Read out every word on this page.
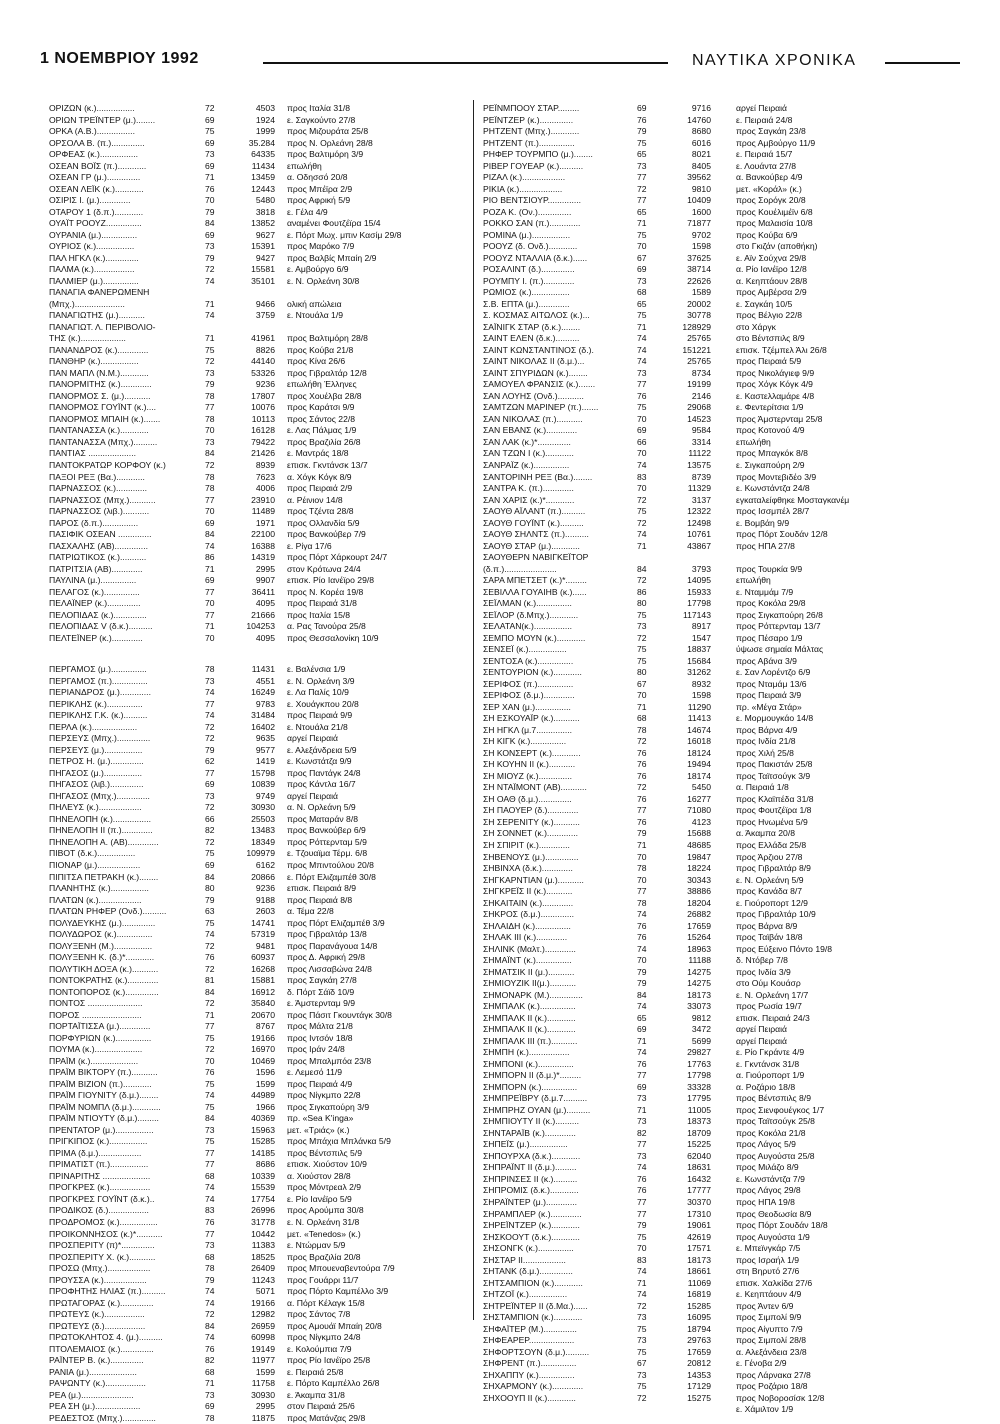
1 ΝΟΕΜΒΡΙΟΥ 1992	ΝΑΥΤΙΚΑ ΧΡΟΝΙΚΑ
ΟΡΙΖΩΝ (κ.)................	72	4503 προς Ιταλία 31/8
ΟΡΙΩΝ ΤΡΕΪΝΤΕΡ (μ.)........	69	1924 ε. Σαγκούντο 27/8
ΟΡΚΑ (Α.Β.)................	75	1999 προς Μιζουράτα 25/8
ΟΡΣΟΛΑ Β. (π.)..............	69	35.284 προς Ν. Ορλεάνη 28/8
ΟΡΦΕΑΣ (κ.)................	73	64335 προς Βαλτιμόρη 3/9
ΟΣΕΑΝ ΒΟΪΣ (π.)............	69	11434 επωλήθη
ΟΣΕΑΝ ΓΡ (μ.)..............	71	13459 α. Οδησσό 20/8
ΟΣΕΑΝ ΛΕΪΚ (κ.)............	76	12443 προς Μπέϊρα 2/9
ΟΣΙΡΙΣ Ι. (μ.).............	70	5480 προς Αφρική 5/9
ΟΤΑΡΟΥ 1 (δ.π.)............	79	3818 ε. Γέλα 4/9
ΟΥΑΪΤ ΡΟΟΥΖ...............	84	13852 αναμένει Φουτζέϊρα 15/4
ΟΥΡΑΝΙΑ (μ.)...............	69	9627 ε. Πόρτ Μωχ. μπιν Κασίμ 29/8
ΟΥΡΙΟΣ (κ.)................	73	15391 προς Μαρόκο 7/9
ΠΑΛ ΗΓΚΛ (κ.)..............	79	9427 προς Βαλβίς Μπαίη 2/9
ΠΑΛΜΑ (κ.).................	72	15581 ε. Αμβούργο 6/9
ΠΑΛΜΙΕΡ (μ.)...............	74	35101 ε. Ν. Ορλεάνη 30/8
ΠΑΝΑΓΙΑ ΦΑΝΕΡΩΜΕΝΗ
(Μπχ.).....................	71	9466 ολική απώλεια
ΠΑΝΑΓΙΩΤΗΣ (μ.)...........	74	3759 ε. Ντουάλα 1/9
ΠΑΝΑΓΙΩΤ. Λ. ΠΕΡΙΒΟΛΙΟ-
ΤΗΣ (κ.)...................	71	41961 προς Βαλτιμόρη 28/8
ΠΑΝΑΝΔΡΟΣ (κ.).............	75	8826 προς Κούβα 21/8
ΠΑΝΘΗΡ (κ.)................	72	44140 προς Κίνα 26/6
ΠΑΝ ΜΑΠΛ (Ν.Μ.)............	73	53326 προς Γιβραλτάρ 12/8
ΠΑΝΟΡΜΙΤΗΣ (κ.).............	79	9236 επωλήθη Έλληνες
ΠΑΝΟΡΜΟΣ Σ. (μ.)...........	78	17807 προς Χουέλβα 28/8
ΠΑΝΟΡΜΟΣ ΓΟΥΪΝΤ (κ.)....	77	10076 προς Καράτσι 9/9
ΠΑΝΟΡΜΟΣ ΜΠΑΙΗ (κ.).......	78	10113 προς Σάντος 22/8
ΠΑΝΤΑΝΑΣΣΑ (κ.)............	70	16128 ε. Λας Πάλμας 1/9
ΠΑΝΤΑΝΑΣΣΑ (Μπχ.)..........	73	79422 προς Βραζιλία 26/8
ΠΑΝΤΙΑΣ ....................	84	21426 ε. Μαντράς 18/8
ΠΑΝΤΟΚΡΑΤΩΡ ΚΟΡΦΟΥ (κ.)	72	8939 επισκ. Γκντάνσκ 13/7
ΠΑΞΟΙ ΡΕΞ (Βα.)............	78	7623 α. Χόγκ Κόγκ 8/9
ΠΑΡΝΑΣΣΟΣ (κ.).............	78	4006 προς Πειραιά 2/9
ΠΑΡΝΑΣΣΟΣ (Μπχ.)...........	77	23910 α. Ρέινιον 14/8
ΠΑΡΝΑΣΣΟΣ (λιβ.)...........	70	11489 προς Τζέντα 28/8
ΠΑΡΟΣ (δ.π.)...............	69	1971 προς Ολλανδία 5/9
ΠΑΣΙΦΙΚ ΟΣΕΑΝ ..............	84	22100 προς Βανκούβερ 7/9
ΠΑΣΧΑΛΗΣ (ΑΒ)..............	74	16388 ε. Ρίγα 17/6
ΠΑΤΡΙΩΤΙΚΟΣ (κ.)...........	86	14319 προς Πόρτ Χάρκουρτ 24/7
ΠΑΤΡΙΤΣΙΑ (ΑΒ).............	71	2995 στον Κρότωνα 24/4
ΠΑΥΛΙΝΑ (μ.)...............	69	9907 επισκ. Ρίο Ιανέϊρο 29/8
ΠΕΛΑΓΟΣ (κ.)...............	77	36411 προς Ν. Κορέα 19/8
ΠΕΛΑΪΝΕΡ (κ.)..............	70	4095 προς Πειραιά 31/8
ΠΕΛΟΠΙΔΑΣ (κ.)..............	77	21666 προς Ιταλία 15/8
ΠΕΛΟΠΙΔΑΣ V (δ.κ.)..........	71	104253 α. Ρας Τανούρα 25/8
ΠΕΛΤΕΪΝΕΡ (κ.).............	70	4095 προς Θεσσαλονίκη 10/9
ΠΕΡΓΑΜΟΣ (μ.)...............	78	11431 ε. Βαλένσια 1/9
ΠΕΡΓΑΜΟΣ (π.)...............	73	4551 ε. Ν. Ορλεάνη 3/9
ΠΕΡΙΑΝΔΡΟΣ (μ.).............	74	16249 ε. Λα Παλίς 10/9
ΠΕΡΙΚΛΗΣ (κ.)...............	77	9783 ε. Χουάγκπου 20/8
ΠΕΡΙΚΛΗΣ Γ.Κ. (κ.)..........	74	31484 προς Πειραιά 9/9
ΠΕΡΛΑ (κ.)...................	72	16402 ε. Ντουάλα 21/8
ΠΕΡΣΕΥΣ (Μπχ.)..............	72	9635 αργεί Πειραιά
ΠΕΡΣΕΥΣ (μ.)................	79	9577 ε. Αλεξάνδρεια 5/9
ΠΕΤΡΟΣ Η. (μ.)..............	62	1419 ε. Κωνστάτζα 9/9
ΠΗΓΑΣΟΣ (μ.)................	77	15798 προς Παντάγκ 24/8
ΠΗΓΑΣΟΣ (λιβ.)..............	69	10839 προς Κάντλα 16/7
ΠΗΓΑΣΟΣ (Μπχ.)..............	73	9749 αργεί Πειραιά
ΠΗΛΕΥΣ (κ.)..................	72	30930 α. Ν. Ορλεάνη 5/9
ΠΗΝΕΛΟΠΗ (κ.)................	66	25503 προς Ματαράν 8/8
ΠΗΝΕΛΟΠΗ ΙΙ (π.).............	82	13483 προς Βανκούβερ 6/9
ΠΗΝΕΛΟΠΗ Α. (ΑΒ).............	72	18349 προς Ρόττερνταμ 5/9
ΠΙΒΟΤ (δ.κ.)................	75	109979 ε. Τζουαϊμα Τέρμ. 6/8
ΠΙΟΝΑΡ (μ.)..................	69	6162 προς Μπιντούλου 20/8
ΠΙΠΙΤΣΑ ΠΕΤΡΑΚΗ (κ.)........	84	20866 ε. Πόρτ Ελιζαμπέθ 30/8
ΠΛΑΝΗΤΗΣ (κ.)................	80	9236 επισκ. Πειραιά 8/9
ΠΛΑΤΩΝ (κ.)..................	79	9188 προς Πειραιά 8/8
ΠΛΑΤΩΝ ΡΗΦΕΡ (Ονδ.)..........	63	2603 α. Τέμα 22/8
ΠΟΛΥΔΕΥΚΗΣ (μ.)..............	75	14741 προς Πόρτ Ελιζαμπέθ 3/9
ΠΟΛΥΔΩΡΟΣ (κ.)...............	74	57319 προς Γιβραλτάρ 13/8
ΠΟΛΥΞΕΝΗ (Μ.)................	72	9481 προς Παρανάγουα 14/8
ΠΟΛΥΞΕΝΗ Κ. (δ.)*............	76	60937 προς Δ. Αφρική 29/8
ΠΟΛΥΤΙΚΗ ΔΟΞΑ (κ.)...........	72	16268 προς Λισσαβώνα 24/8
ΠΟΝΤΟΚΡΑΤΗΣ (κ.).............	81	15881 προς Σαγκάη 27/8
ΠΟΝΤΟΠΟΡΟΣ (κ.)..............	84	16912 δ. Πόρτ Σάϊδ 10/9
ΠΟΝΤΟΣ .......................	72	35840 ε. Άμστερνταμ 9/9
ΠΟΡΟΣ .........................	71	20670 προς Πάσιτ Γκουντάγκ 30/8
ΠΟΡΤΑΪΤΙΣΣΑ (μ.).............	77	8767 προς Μάλτα 21/8
ΠΟΡΦΥΡΙΩΝ (κ.)...............	75	19166 προς Ιντσόν 18/8
ΠΟΥΜΑ (κ.)....................	72	16970 προς Ιράν 24/8
ΠΡΑΪΜ (κ.)....................	70	10469 προς Μπαλμπόα 23/8
ΠΡΑΪΜ ΒΙΚΤΟΡΥ (π.)...........	76	1596 ε. Λεμεσό 11/9
ΠΡΑΪΜ ΒΙΖΙΟΝ (π.)............	75	1599 προς Πειραιά 4/9
ΠΡΑΪΜ ΓΙΟΥΝΙΤΥ (δ.μ.)........	74	44989 προς Νίγκμπο 22/8
ΠΡΑΪΜ ΝΟΜΠΛ (δ.μ.)............	75	1966 προς Σιγκαπούρη 3/9
ΠΡΑΪΜ ΝΤΙΟΥΤΥ (δ.μ.).........	84	40369 πρ. «Sea K'inga»
ΠΡΕΝΤΑΤΟΡ (μ.)................	73	15963 μετ. «Τριάς» (κ.)
ΠΡΙΓΚΙΠΟΣ (κ.)................	75	15285 προς Μπάχια Μπλάνκα 5/9
ΠΡΙΜΑ (δ.μ.)..................	77	14185 προς Βέντσπιλς 5/9
ΠΡΙΜΑΤΙΣΤ (π.)................	77	8686 επισκ. Χιούστον 10/9
ΠΡΙΝΑΡΙΤΗΣ ....................	68	10339 α. Χιούστον 28/8
ΠΡΟΓΚΡΕΣ (κ.).................	74	15539 προς Μόντρεαλ 2/9
ΠΡΟΓΚΡΕΣ ΓΟΥΪΝΤ (δ.κ.)..	74	17754 ε. Ρίο Ιανέϊρο 5/9
ΠΡΟΔΙΚΟΣ (δ.).................	83	26996 προς Αρούμπα 30/8
ΠΡΟΔΡΟΜΟΣ (κ.)................	76	31778 ε. Ν. Ορλεάνη 31/8
ΠΡΟΙΚΟΝΝΗΣΟΣ (κ.)*...........	77	10442 μετ. «Tenedos» (κ.)
ΠΡΟΣΠΕΡΙΤΥ (π)*..............	73	11383 ε. Ντώρμαν 5/9
ΠΡΟΣΠΕΡΙΤΥ Χ. (κ.)...........	68	18525 προς Βραζιλία 20/8
ΠΡΟΣΩ (Μπχ.)..................	78	26409 προς Μπουεναβεντούρα 7/9
ΠΡΟΥΣΣΑ (κ.)..................	79	11243 προς Γουάρρι 11/7
ΠΡΟΦΗΤΗΣ ΗΛΙΑΣ (π.)..........	74	5071 προς Πόρτο Καμπέλλο 3/9
ΠΡΩΤΑΓΟΡΑΣ (κ.)..............	74	19166 α. Πόρτ Κέλαγκ 15/8
ΠΡΩΤΕΥΣ (κ.).................	72	12982 προς Σάντος 7/8
ΠΡΩΤΕΥΣ (δ.).................	84	26959 προς Αμουάϊ Μπαίη 20/8
ΠΡΩΤΟΚΛΗΤΟΣ 4. (μ.)..........	74	60998 προς Νίγκμπο 24/8
ΠΤΟΛΕΜΑΙΟΣ (κ.)..............	76	19149 ε. Κολούμπια 7/9
ΡΑΪΝΤΕΡ Β. (κ.)..............	82	11977 προς Ρίο Ιανέϊρο 25/8
ΡΑΝΙΑ (μ.)....................	68	1599 ε. Πειραιά 25/8
ΡΑΨΩΝΤΥ (κ.).................	71	11758 ε. Πόρτο Καμπέλλο 26/8
ΡΕΑ (μ.)......................	73	30930 ε. Άκαμπα 31/8
ΡΕΑ ΣΗ (μ.)...................	69	2995 στον Πειραιά 25/6
ΡΕΔΕΣΤΟΣ (Μπχ.)..............	78	11875 προς Ματάνζας 29/8
ΡΕΪΝΜΠΟΟΥ ΣΤΑΡ.........	69	9716	αργεί Πειραιά
ΡΕΪΝΤΖΕΡ (κ.)..............	76	14760	ε. Πειραιά 24/8
ΡΗΤΖΕΝΤ (Μπχ.)............	79	8680	προς Σαγκάη 23/8
ΡΗΤΖΕΝΤ (π.)...............	75	6016	προς Αμβούργο 11/9
ΡΗΦΕΡ ΤΟΥΡΜΠΟ (μ.)........	65	8021	ε. Πειραιά 15/7
ΡΙΒΕΡ ΓΟΥΕΑΡ (κ.)..........	73	8405	ε. Λουάντα 27/8
ΡΙΖΑΛ (κ.)..................	77	39562	α. Βανκούβερ 4/9
ΡΙΚΙΑ (κ.)..................	72	9810	μετ. «Κοράλ» (κ.)
ΡΙΟ ΒΕΝΤΣΙΟΥΡ..............	77	10409	προς Σορόγκ 20/8
ΡΟΖΑ Κ. (Ον.)..............	65	1600	προς Κουέλιμέϊν 6/8
ΡΟΚΚΟ ΣΑΝ (π.).............	71	71877	προς Μαλαισία 10/8
ΡΟΜΙΝΑ (μ.)................	75	9702	προς Κούβα 6/9
ΡΟΟΥΖ (δ. Ονδ.)............	70	1598	στο Γκιζάν (αποθήκη)
ΡΟΟΥΖ ΝΤΑΛΛΙΑ (δ.κ.)......	67	37625	ε. Αϊν Σούχνα 29/8
ΡΟΣΑΛΙΝΤ (δ.)..............	69	38714	α. Ρίο Ιανέϊρο 12/8
ΡΟΥΜΠΥ Ι. (π.).............	73	22626	α. Κεηπτάουν 28/8
ΡΩΜΙΟΣ (κ.)................	68	1589	προς Αμβέρσα 2/9
Σ.Β. ΕΠΤΑ (μ.).............	65	20002	ε. Σαγκάη 10/5
Σ. ΚΟΣΜΑΣ ΑΙΤΩΛΟΣ (κ.)...	75	30778	προς Βέλγιο 22/8
ΣΑΪΝΙΓΚ ΣΤΑΡ (δ.κ.)........	71	128929	στο Χάργκ
ΣΑΙΝΤ ΕΛΕΝ (δ.κ.)..........	74	25765	στο Βέντσπιλς 8/9
ΣΑΙΝΤ ΚΩΝΣΤΑΝΤΙΝΟΣ (δ.).	74	151221	επισκ. Τζέμπελ Άλι 26/8
ΣΑΙΝΤ ΝΙΚΟΛΑΣ ΙΙ (δ.μ.)...	74	25765	προς Πειραιά 5/9
ΣΑΙΝΤ ΣΠΥΡΙΔΩΝ (κ.)........	73	8734	προς Νικολάγιεφ 9/9
ΣΑΜΟΥΕΛ ΦΡΑΝΣΙΣ (κ.).......	77	19199	προς Χόγκ Κόγκ 4/9
ΣΑΝ ΛΟΥΗΣ (Ονδ.)...........	76	2146	ε. Καστελλαμάρε 4/8
ΣΑΜΤΖΩΝ ΜΑΡΙΝΕΡ (π.).......	75	29068	ε. Φεντερίτσια 1/9
ΣΑΝ ΝΙΚΟΛΑΣ (π.)...........	70	14523	προς Άμστερνταμ 25/8
ΣΑΝ ΕΒΑΝΣ (κ.).............	69	9584	προς Κοτονού 4/9
ΣΑΝ ΛΑΚ (κ.)*..............	66	3314	επωλήθη
ΣΑΝ ΤΖΩΝ Ι (κ.)............	70	11122	προς Μπαγκόκ 8/8
ΣΑΝΡΑΪΖ (κ.)...............	74	13575	ε. Σιγκαπούρη 2/9
ΣΑΝΤΟΡΙΝΗ ΡΕΞ (Βα.)........	83	8739	προς Μοντεβιδέο 3/9
ΣΑΝΤΡΑ Κ. (π.).............	70	11329	ε. Κωνστάντζα 24/8
ΣΑΝ ΧΑΡΙΣ (κ.)*............	72	3137	εγκαταλείφθηκε Μοσταγκανέμ
ΣΑΟΥΘ ΑΪΛΑΝΤ (π.)..........	75	12322	προς Ισσμπέλ 28/7
ΣΑΟΥΘ ΓΟΥΪΝΤ (κ.)..........	72	12498	ε. Βομβάη 9/9
ΣΑΟΥΘ ΣΗΛΝΤΣ (π.)..........	74	10761	προς Πόρτ Σουδάν 12/8
ΣΑΟΥΘ ΣΤΑΡ (μ.)............	71	43867	προς ΗΠΑ 27/8
ΣΑΟΥΘΕΡΝ ΝΑΒΙΓΚΕΪΤΟΡ
(δ.π.)......................	84	3793	προς Τουρκία 9/9
ΣΑΡΑ ΜΠΕΤΣΕΤ (κ.)*.........	72	14095	επωλήθη
ΣΕΒΙΛΛΑ ΓΟΥΑΙΗΒ (κ.)......	86	15933	ε. Νταμμάμ 7/9
ΣΕΪΛΜΑΝ (κ.)...............	80	17798	προς Κοκόλα 29/8
ΣΕΪΛΟΡ (δ.Μπχ.)............	75	117143	προς Σιγκαπούρη 26/8
ΣΕΛΑΤΑΝ(κ.)................	73	8917	προς Ρόττερνταμ 13/7
ΣΕΜΠΟ ΜΟΥΝ (κ.)............	72	1547	προς Πέσαρο 1/9
ΣΕΝΣΕΪ (κ.)................	75	18837	ύψωσε σημαία Μάλτας
ΣΕΝΤΟΣΑ (κ.)...............	75	15684	προς Αβάνα 3/9
ΣΕΝΤΟΥΡΙΟΝ (κ.)............	80	31262	ε. Σαν Λορέντζο 6/9
ΣΕΡΙΦΟΣ (π.)...............	67	8932	προς Νταμάμ 13/6
ΣΕΡΙΦΟΣ (δ.μ.).............	70	1598	προς Πειραιά 3/9
ΣΕΡ ΧΑΝ (μ.)...............	71	11290	πρ. «Μέγα Στάρ»
ΣΗ ΕΣΚΟΥΑΪΡ (κ.)...........	68	11413	ε. Μορμουγκάο 14/8
ΣΗ ΗΓΚΛ (μ.7...............	78	14674	προς Βάρνα 4/9
ΣΗ ΚΙΓΚ (κ.)...............	72	16018	προς Ινδία 21/8
ΣΗ ΚΟΝΣΕΡΤ (κ.)............	76	18124	προς Χιλή 25/8
ΣΗ ΚΟΥΗΝ ΙΙ (κ.)...........	76	19494	προς Πακιστάν 25/8
ΣΗ ΜΙΟΥΖ (κ.)..............	76	18174	προς Ταϊτσούγκ 3/9
ΣΗ ΝΤΑΪΜΟΝΤ (ΑΒ)...........	72	5450	α. Πειραιά 1/8
ΣΗ ΟΑΘ (δ.μ.)..............	76	16277	προς Κλαϊπέδα 31/8
ΣΗ ΠΑΟΥΕΡ (δ.).............	77	71080	προς Φουτζέϊρα 1/8
ΣΗ ΣΕΡΕΝΙΤΥ (κ.)...........	76	4123	προς Ηνωμένα 5/9
ΣΗ ΣΟΝΝΕΤ (κ.).............	79	15688	α. Άκαμπα 20/8
ΣΗ ΣΠΙΡΙΤ (κ.).............	71	48685	προς Ελλάδα 25/8
ΣΗΒΕΝΟΥΣ (μ.)..............	70	19847	προς Άρζιου 27/8
ΣΗΒΙΝΧΑ (δ.κ.).............	78	18224	προς Γιβραλτάρ 8/9
ΣΗΓΚΑΡΝΤΙΑΝ (μ.)...........	70	30343	ε. Ν. Ορλεάνη 5/9
ΣΗΓΚΡΕΪΣ ΙΙ (κ.)...........	77	38886	προς Κανάδα 8/7
ΣΗΚΑΙΤΑΙΝ (κ.).............	78	18204	ε. Γιούρoπορτ 12/9
ΣΗΚΡΟΣ (δ.μ.)..............	74	26882	προς Γιβραλτάρ 10/9
ΣΗΛΑΙΔΗ (κ.)...............	76	17659	προς Βάρνα 8/9
ΣΗΛΑΚ ΙΙΙ (κ.).............	76	15264	προς Ταϊβάν 18/8
ΣΗΛΙΝΚ (Μαλτ.).............	74	18963	προς Εύξεινο Πόντο 19/8
ΣΗΜΑΪΝΤ (κ.)...............	70	11188	δ. Ντόβερ 7/8
ΣΗΜΑΤΣΙΚ ΙΙ (μ.)...........	79	14275	προς Ινδία 3/9
ΣΗΜΙΟΥΖΙΚ ΙΙ(μ.)...........	79	14275	στο Ούμ Κουάσρ
ΣΗΜΟΝΑΡΚ (Μ.)..............	84	18173	ε. Ν. Ορλεάνη 17/7
ΣΗΜΠΑΛΚ (κ.)...............	74	33073	προς Ρωσία 19/7
ΣΗΜΠΑΛΚ ΙΙ (κ.)............	65	9812	επισκ. Πειραιά 24/3
ΣΗΜΠΑΛΚ ΙΙ (κ.)............	69	3472	αργεί Πειραιά
ΣΗΜΠΑΛΚ ΙΙΙ (π.)...........	71	5699	αργεί Πειραιά
ΣΗΜΠΗ (κ.).................	74	29827	ε. Ρίο Γκράντε 4/9
ΣΗΜΠΟΝΙ (κ.)...............	76	17763	ε. Γκντάνσκ 31/8
ΣΗΜΠΟΡΝ ΙΙ (δ.μ.)*.........	77	17798	α. Γιούρoπορτ 1/9
ΣΗΜΠΟΡΝ (κ.)...............	69	33328	α. Ροζάριο 18/8
ΣΗΜΠΡΕΪΒΡΥ (δ.μ.7..........	73	17795	προς Βέντσπιλς 8/9
ΣΗΜΠΡΗΖ ΟΥΑΝ (μ.)..........	71	11005	προς Σιενφουέγκος 1/7
ΣΗΜΠΙΟΥΤΥ ΙΙ (κ.)..........	73	18373	προς Ταϊτσούγκ 25/8
ΣΗΝΤΑΡΑΪΒ (κ.).............	82	18709	προς Κοκόλα 21/8
ΣΗΠΕΪΣ (μ.)................	77	15225	προς Λάγος 5/9
ΣΗΠΟΥΡΧΑ (δ.κ.)............	73	62040	προς Αυγούστα 25/8
ΣΗΠΡΑΪΝΤ ΙΙ (δ.μ.).........	74	18631	προς Μιλάζο 8/9
ΣΗΠΡΙΝΣΕΣ ΙΙ (κ.)..........	76	16432	ε. Κωνστάντζα 7/9
ΣΗΠΡΟΜΙΣ (δ.κ.)............	76	17777	προς Λάγος 29/8
ΣΗΡΑΪΝΤΕΡ (μ.).............	77	30370	προς ΗΠΑ 19/8
ΣΗΡΑΜΠΛΕΡ (κ.).............	77	17310	προς Θεοδωσία 8/9
ΣΗΡΕΪΝΤΖΕΡ (κ.)............	79	19061	προς Πόρτ Σουδάν 18/8
ΣΗΣΚΟΟΥΤ (δ.κ.)............	75	42619	προς Αυγούστα 1/9
ΣΗΣΟΝΓΚ (κ.)...............	70	17571	ε. Μπεϊνγκάρ 7/5
ΣΗΣΤΑΡ ΙΙ..................	83	18173	προς Ισραήλ 1/9
ΣΗΤΑΝΚ (δ.μ.)..............	74	18661	στη Βηρυτό 27/6
ΣΗΤΣΑΜΠΙΟΝ (κ.)............	71	11069	επισκ. Χαλκίδα 27/6
ΣΗΤΖΟΪ (κ.)................	74	16819	ε. Κεηπτάουν 4/9
ΣΗΤΡΕΪΝΤΕΡ ΙΙ (δ.Μα.)......	72	15285	προς Άντεν 6/9
ΣΗΣΤΑΜΠΙΟΝ (κ.)............	73	16095	προς Σιμπολί 9/9
ΣΗΦΑΪΤΕΡ (Μ.)..............	75	18794	προς Αίγυπτο 7/9
ΣΗΦΕΑΡΕΡ...................	73	29763	προς Σιμπολί 28/8
ΣΗΦΟΡΤΣΟΥΝ (δ.μ.)..........	75	17659	α. Αλεξάνδεια 23/8
ΣΗΦΡΕΝΤ (π.)...............	67	20812	ε. Γένοβα 2/9
ΣΗΧΑΠΠΥ (κ.)...............	73	14353	προς Λάρνακα 27/8
ΣΗΧΑΡΜΟΝΥ (κ.).............	75	17129	προς Ροζάριο 18/8
ΣΗΧΟΟΥΠ ΙΙ (κ.)............	72	15275	προς Νοβοροσίσκ 12/8
ε. Χάμιλτον 1/9
